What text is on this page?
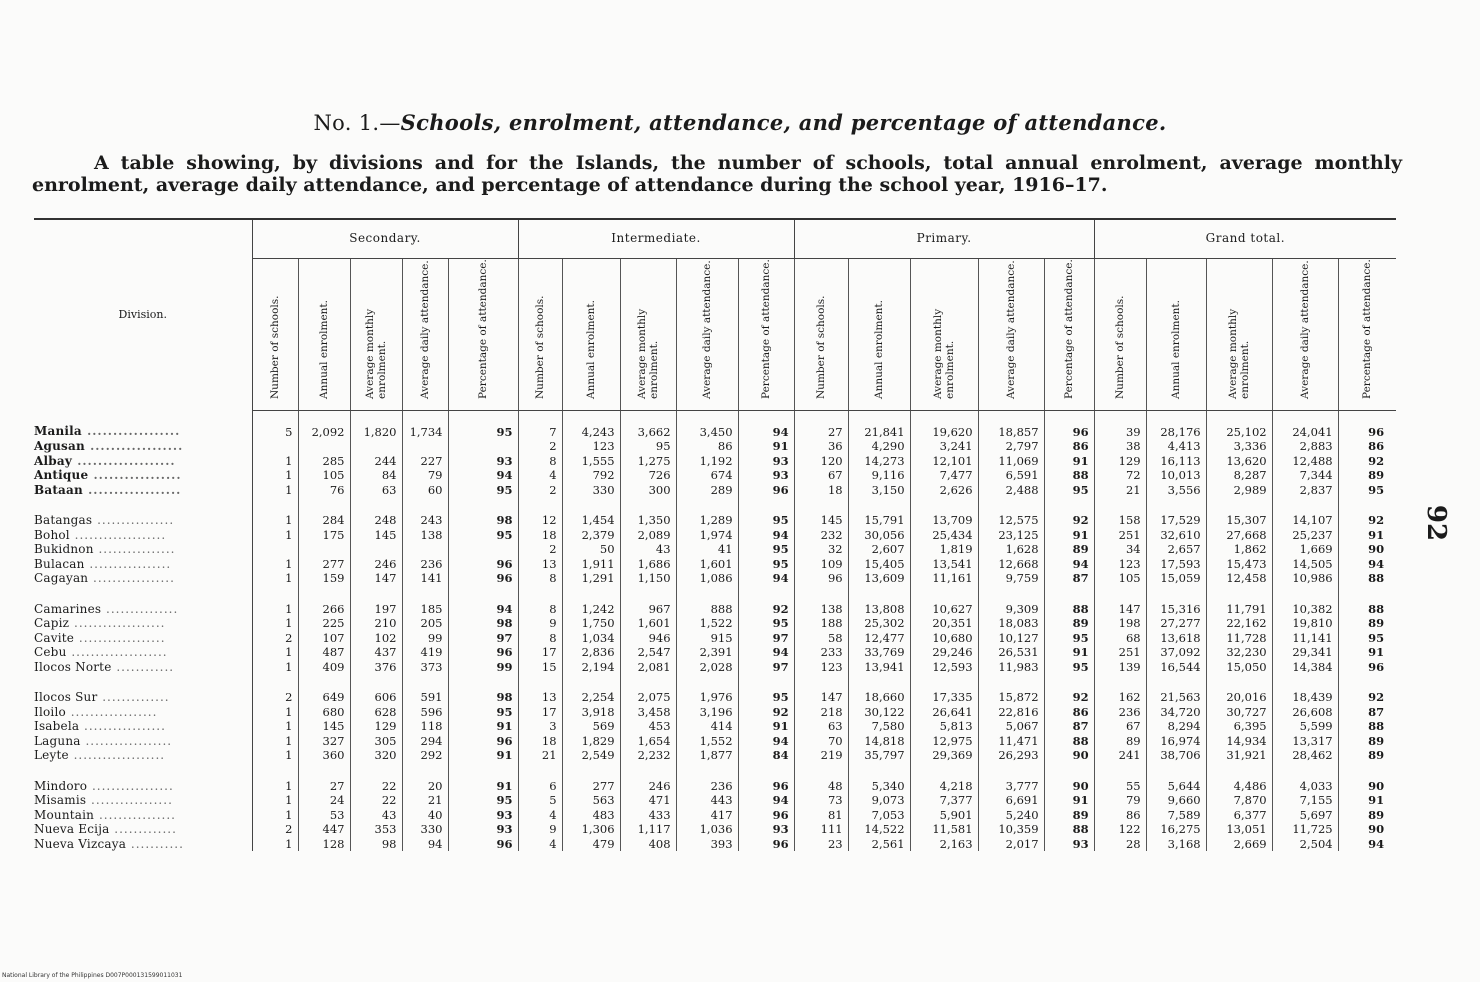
No. 1.—Schools, enrolment, attendance, and percentage of attendance.
A table showing, by divisions and for the Islands, the number of schools, total annual enrolment, average monthly enrolment, average daily attendance, and percentage of attendance during the school year, 1916–17.
Division.	Secondary.					Intermediate.					Primary.					Grand total.				
	Number of schools.	Annual enrolment.	Average monthly enrolment.	Average daily attendance.	Percentage of attendance.	Number of schools.	Annual enrolment.	Average monthly enrolment.	Average daily attendance.	Percentage of attendance.	Number of schools.	Annual enrolment.	Average monthly enrolment.	Average daily attendance.	Percentage of attendance.	Number of schools.	Annual enrolment.	Average monthly enrolment.	Average daily attendance.	Percentage of attendance.
Manila ..................	5	2,092	1,820	1,734	95	7	4,243	3,662	3,450	94	27	21,841	19,620	18,857	96	39	28,176	25,102	24,041	96
Agusan ..................						2	123	95	86	91	36	4,290	3,241	2,797	86	38	4,413	3,336	2,883	86
Albay ...................	1	285	244	227	93	8	1,555	1,275	1,192	93	120	14,273	12,101	11,069	91	129	16,113	13,620	12,488	92
Antique .................	1	105	84	79	94	4	792	726	674	93	67	9,116	7,477	6,591	88	72	10,013	8,287	7,344	89
Bataan ..................	1	76	63	60	95	2	330	300	289	96	18	3,150	2,626	2,488	95	21	3,556	2,989	2,837	95

Batangas ................	1	284	248	243	98	12	1,454	1,350	1,289	95	145	15,791	13,709	12,575	92	158	17,529	15,307	14,107	92
Bohol ...................	1	175	145	138	95	18	2,379	2,089	1,974	94	232	30,056	25,434	23,125	91	251	32,610	27,668	25,237	91
Bukidnon ................						2	50	43	41	95	32	2,607	1,819	1,628	89	34	2,657	1,862	1,669	90
Bulacan .................	1	277	246	236	96	13	1,911	1,686	1,601	95	109	15,405	13,541	12,668	94	123	17,593	15,473	14,505	94
Cagayan .................	1	159	147	141	96	8	1,291	1,150	1,086	94	96	13,609	11,161	9,759	87	105	15,059	12,458	10,986	88

Camarines ...............	1	266	197	185	94	8	1,242	967	888	92	138	13,808	10,627	9,309	88	147	15,316	11,791	10,382	88
Capiz ...................	1	225	210	205	98	9	1,750	1,601	1,522	95	188	25,302	20,351	18,083	89	198	27,277	22,162	19,810	89
Cavite ..................	2	107	102	99	97	8	1,034	946	915	97	58	12,477	10,680	10,127	95	68	13,618	11,728	11,141	95
Cebu ....................	1	487	437	419	96	17	2,836	2,547	2,391	94	233	33,769	29,246	26,531	91	251	37,092	32,230	29,341	91
Ilocos Norte ............	1	409	376	373	99	15	2,194	2,081	2,028	97	123	13,941	12,593	11,983	95	139	16,544	15,050	14,384	96

Ilocos Sur ..............	2	649	606	591	98	13	2,254	2,075	1,976	95	147	18,660	17,335	15,872	92	162	21,563	20,016	18,439	92
Iloilo ..................	1	680	628	596	95	17	3,918	3,458	3,196	92	218	30,122	26,641	22,816	86	236	34,720	30,727	26,608	87
Isabela .................	1	145	129	118	91	3	569	453	414	91	63	7,580	5,813	5,067	87	67	8,294	6,395	5,599	88
Laguna ..................	1	327	305	294	96	18	1,829	1,654	1,552	94	70	14,818	12,975	11,471	88	89	16,974	14,934	13,317	89
Leyte ...................	1	360	320	292	91	21	2,549	2,232	1,877	84	219	35,797	29,369	26,293	90	241	38,706	31,921	28,462	89

Mindoro .................	1	27	22	20	91	6	277	246	236	96	48	5,340	4,218	3,777	90	55	5,644	4,486	4,033	90
Misamis .................	1	24	22	21	95	5	563	471	443	94	73	9,073	7,377	6,691	91	79	9,660	7,870	7,155	91
Mountain ................	1	53	43	40	93	4	483	433	417	96	81	7,053	5,901	5,240	89	86	7,589	6,377	5,697	89
Nueva Ecija .............	2	447	353	330	93	9	1,306	1,117	1,036	93	111	14,522	11,581	10,359	88	122	16,275	13,051	11,725	90
Nueva Vizcaya ...........	1	128	98	94	96	4	479	408	393	96	23	2,561	2,163	2,017	93	28	3,168	2,669	2,504	94
92
National Library of the Philippines D007P000131599011031
